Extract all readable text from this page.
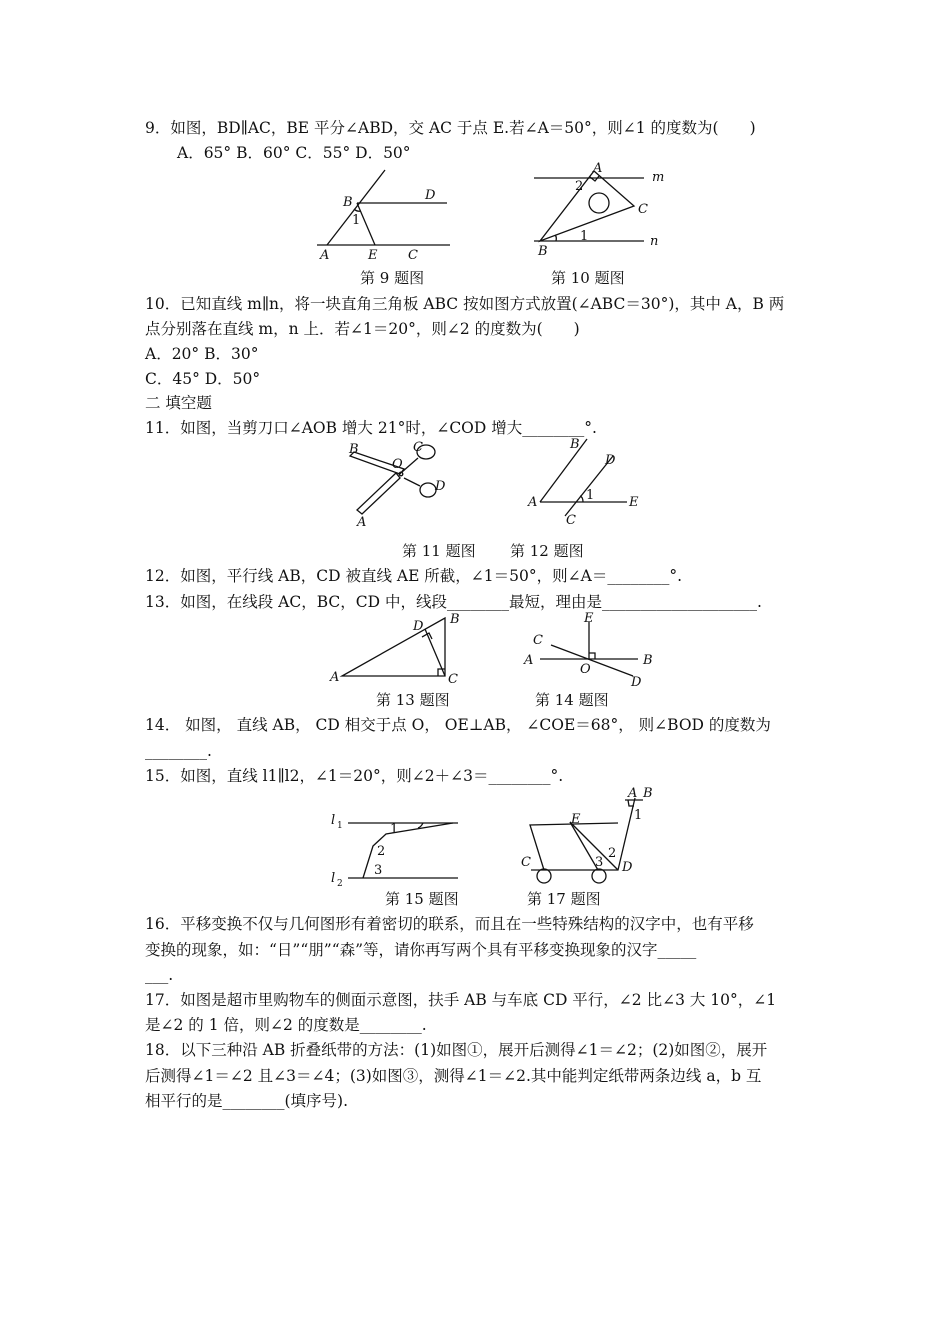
9．如图，BD∥AC，BE 平分∠ABD，交 AC 于点 E.若∠A＝50°，则∠1 的度数为(　　)
A．65° B．60° C．55° D．50°
B	D
1
A	E C
A
m
2
C
1	n
B
第 9 题图	第 10 题图
10．已知直线 m∥n，将一块直角三角板 ABC 按如图方式放置(∠ABC＝30°)，其中 A，B 两
点分别落在直线 m，n 上．若∠1＝20°，则∠2 的度数为(　　)
A．20° B．30°
C．45° D．50°
二 填空题
11．如图，当剪刀口∠AOB 增大 21°时，∠COD 增大________°.
B
O
C
D
A
B
D
1
A	E
C
第 11 题图 第 12 题图
12．如图，平行线 AB，CD 被直线 AE 所截，∠1＝50°，则∠A＝________°.
13．如图，在线段 AC，BC，CD 中，线段________最短，理由是____________________.
D B
A	C
E
C
A	B
O
D
第 13 题图	第 14 题图
14． 如图， 直线 AB， CD 相交于点 O， OE⊥AB， ∠COE＝68°， 则∠BOD 的度数为
________.
15．如图，直线 l1∥l2，∠1＝20°，则∠2＋∠3＝________°.
l 1
l 2
1
2
3
A B
1
E
2
3
C	D
第 15 题图	第 17 题图
16．平移变换不仅与几何图形有着密切的联系，而且在一些特殊结构的汉字中，也有平移
变换的现象，如：“日”“朋”“森”等，请你再写两个具有平移变换现象的汉字_____
___.
17．如图是超市里购物车的侧面示意图，扶手 AB 与车底 CD 平行，∠2 比∠3 大 10°，∠1
是∠2 的 1 倍，则∠2 的度数是________.
18．以下三种沿 AB 折叠纸带的方法：(1)如图①，展开后测得∠1＝∠2；(2)如图②，展开
后测得∠1＝∠2 且∠3＝∠4；(3)如图③，测得∠1＝∠2.其中能判定纸带两条边线 a，b 互
相平行的是________(填序号).
